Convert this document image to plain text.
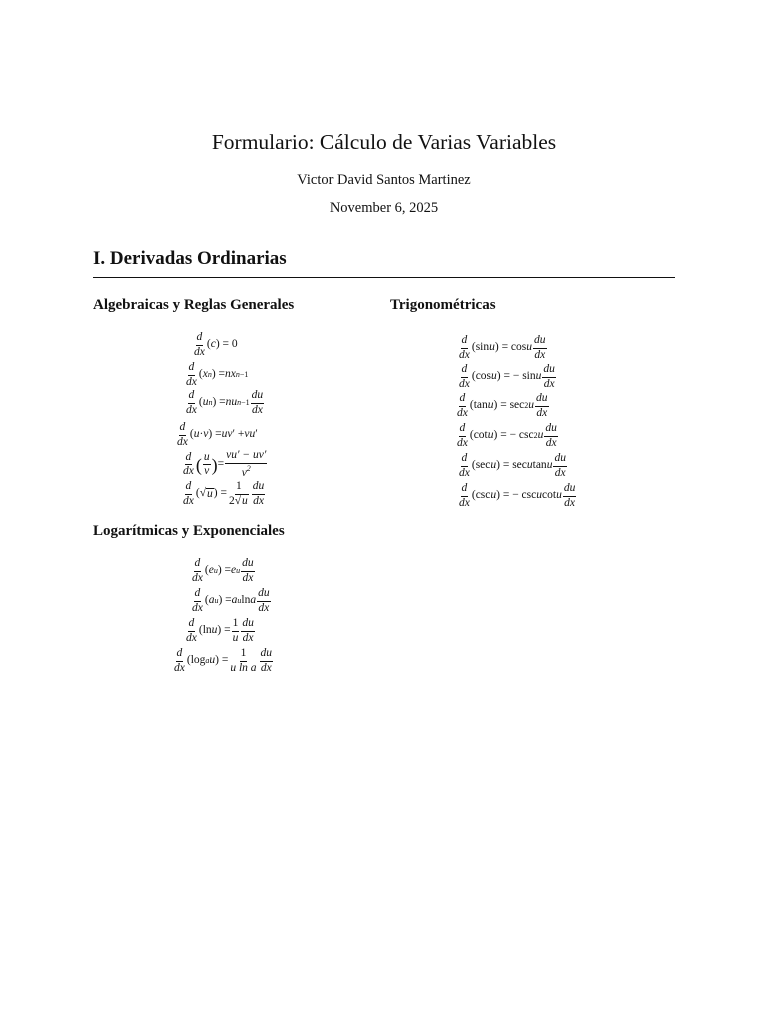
Formulario: Cálculo de Varias Variables
Victor David Santos Martinez
November 6, 2025
I. Derivadas Ordinarias
Algebraicas y Reglas Generales	Trigonométricas
Logarítmicas y Exponenciales
$\frac{d}{dx}$ ( c ) = 0
$\frac{d}{dx}$ ( x n ) = nx n−1
$\frac{d}{dx}$ ( u n ) = nu $n-1 \frac{du}{dx}$
$\frac{d}{dx}$ ( u · v ) = uv ′ + vu ′
$\frac{d}{dx}$ ( $\frac{u}{v}$ ) = $\frac{vu' - uv'}{v^2}$
$\frac{d}{dx}$ (√ u ) = $\frac{1}{2√u} \frac{du}{dx}$
$\frac{d}{dx} (\sin$ u ) = cos u $\frac{du}{dx}$
$\frac{d}{dx} (\cos$ u ) = − sin u $\frac{du}{dx}$
$\frac{d}{dx} (\tan$ u ) = sec 2 u $\frac{du}{dx}$
$\frac{d}{dx} (\cot$ u ) = − csc 2 u $\frac{du}{dx}$
$\frac{d}{dx} (\sec$ u ) = sec u tan u $\frac{du}{dx}$
$\frac{d}{dx} (\csc$ u ) = − csc u cot u $\frac{du}{dx}$
$\frac{d}{dx}$ ( e u ) = e u $\frac{du}{dx}$
$\frac{d}{dx}$ ( a u ) = a u ln a $\frac{du}{dx}$
$\frac{d}{dx} (\ln$ u ) = $\frac{1}{u} \frac{du}{dx}$
$\frac{d}{dx} (\log$ a u ) = $\frac{1}{\text{u ln a}} \frac{du}{dx}$
